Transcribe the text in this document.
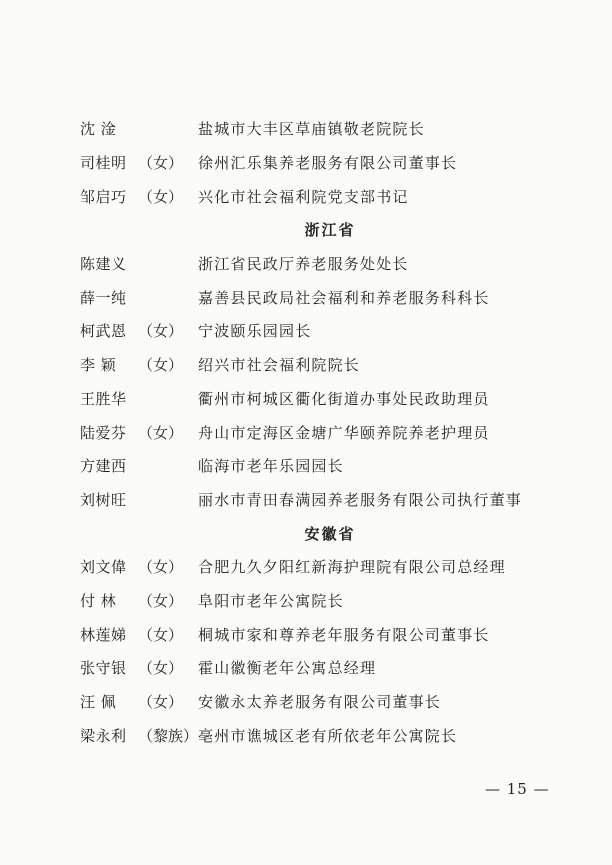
沈 淦	盐城市大丰区草庙镇敬老院院长
司桂明 （女） 徐州汇乐集养老服务有限公司董事长
邹启巧 （女） 兴化市社会福利院党支部书记
浙江省
陈建义	浙江省民政厅养老服务处处长
薛一纯	嘉善县民政局社会福利和养老服务科科长
柯武恩 （女） 宁波颐乐园园长
李 颖	（女） 绍兴市社会福利院院长
王胜华	衢州市柯城区衢化街道办事处民政助理员
陆爱芬 （女） 舟山市定海区金塘广华颐养院养老护理员
方建西	临海市老年乐园园长
刘树旺	丽水市青田春满园养老服务有限公司执行董事
安徽省
刘文偉 （女） 合肥九久夕阳红新海护理院有限公司总经理
付 林	（女） 阜阳市老年公寓院长
林莲娣 （女） 桐城市家和尊养老年服务有限公司董事长
张守银 （女） 霍山徽衡老年公寓总经理
汪 佩	（女） 安徽永太养老服务有限公司董事长
梁永利 （黎族） 亳州市谯城区老有所依老年公寓院长
— 15 —
